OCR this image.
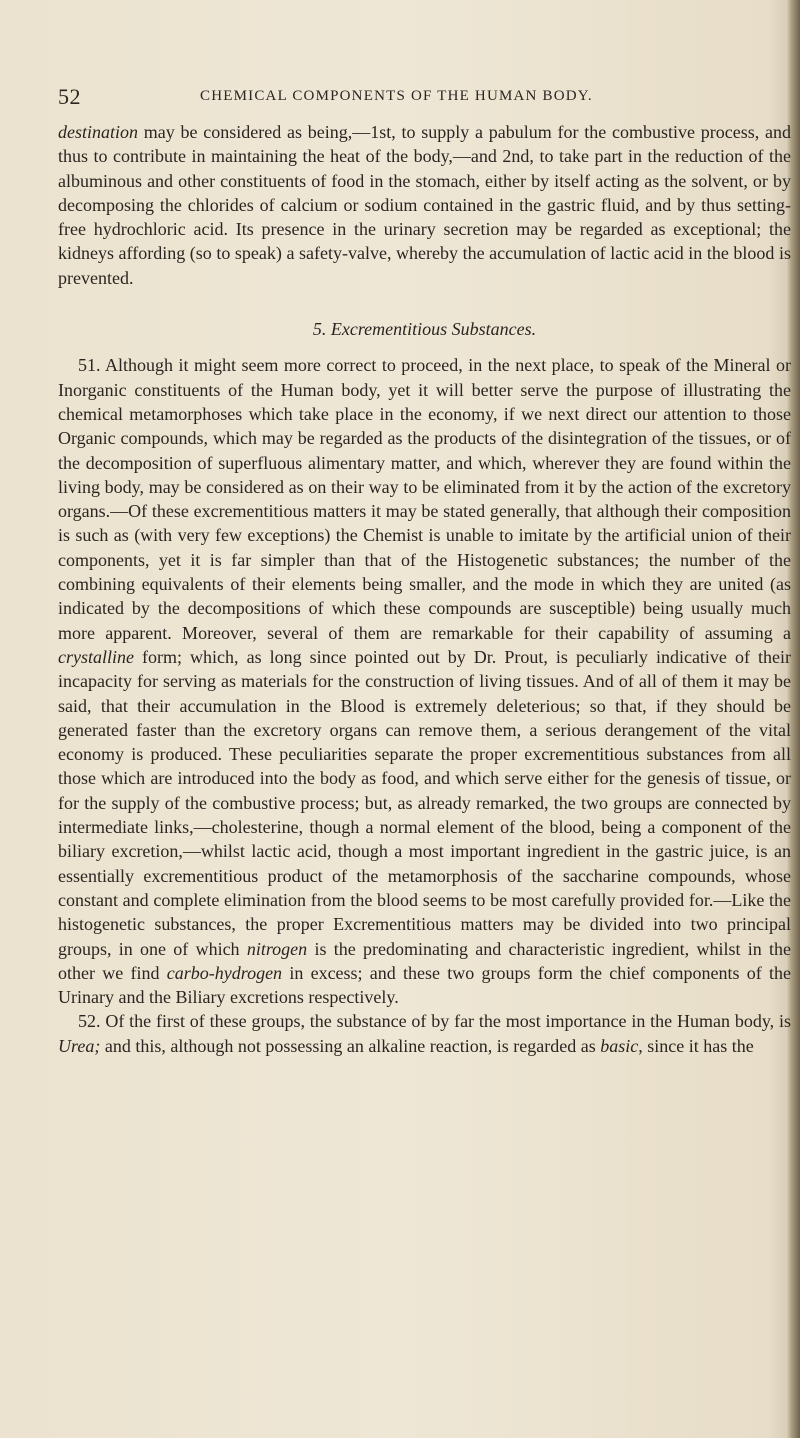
52	CHEMICAL COMPONENTS OF THE HUMAN BODY.

destination may be considered as being,—1st, to supply a pabulum for the combustive process, and thus to contribute in maintaining the heat of the body,—and 2nd, to take part in the reduction of the albuminous and other constituents of food in the stomach, either by itself acting as the solvent, or by decomposing the chlorides of calcium or sodium contained in the gastric fluid, and by thus setting-free hydrochloric acid. Its presence in the urinary secretion may be regarded as exceptional; the kidneys affording (so to speak) a safety-valve, whereby the accumulation of lactic acid in the blood is prevented.

5. Excrementitious Substances.

51. Although it might seem more correct to proceed, in the next place, to speak of the Mineral or Inorganic constituents of the Human body, yet it will better serve the purpose of illustrating the chemical metamorphoses which take place in the economy, if we next direct our attention to those Organic compounds, which may be regarded as the products of the disintegration of the tissues, or of the decomposition of superfluous alimentary matter, and which, wherever they are found within the living body, may be considered as on their way to be eliminated from it by the action of the excretory organs.—Of these excrementitious matters it may be stated generally, that although their composition is such as (with very few exceptions) the Chemist is unable to imitate by the artificial union of their components, yet it is far simpler than that of the Histogenetic substances; the number of the combining equivalents of their elements being smaller, and the mode in which they are united (as indicated by the decompositions of which these compounds are susceptible) being usually much more apparent. Moreover, several of them are remarkable for their capability of assuming a crystalline form; which, as long since pointed out by Dr. Prout, is peculiarly indicative of their incapacity for serving as materials for the construction of living tissues. And of all of them it may be said, that their accumulation in the Blood is extremely deleterious; so that, if they should be generated faster than the excretory organs can remove them, a serious derangement of the vital economy is produced. These peculiarities separate the proper excrementitious substances from all those which are introduced into the body as food, and which serve either for the genesis of tissue, or for the supply of the combustive process; but, as already remarked, the two groups are connected by intermediate links,—cholesterine, though a normal element of the blood, being a component of the biliary excretion,—whilst lactic acid, though a most important ingredient in the gastric juice, is an essentially excrementitious product of the metamorphosis of the saccharine compounds, whose constant and complete elimination from the blood seems to be most carefully provided for.—Like the histogenetic substances, the proper Excrementitious matters may be divided into two principal groups, in one of which nitrogen is the predominating and characteristic ingredient, whilst in the other we find carbo-hydrogen in excess; and these two groups form the chief components of the Urinary and the Biliary excretions respectively.

52. Of the first of these groups, the substance of by far the most importance in the Human body, is Urea; and this, although not possessing an alkaline reaction, is regarded as basic, since it has the
